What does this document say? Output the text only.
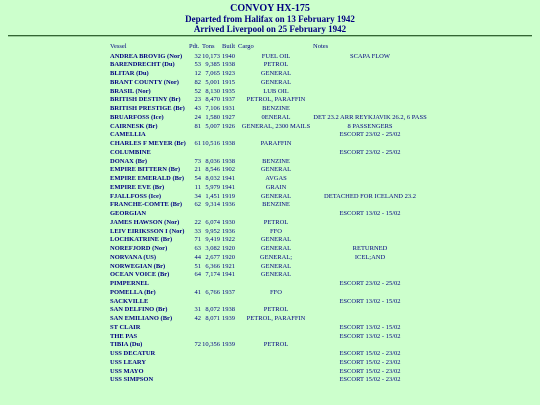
CONVOY HX-175
Departed from Halifax on 13 February 1942
Arrived Liverpool on 25 February 1942
Vessel	Pdt. Tons Built Cargo	Notes
ANDREA BROVIG (Nor)	32 10,173 1940	FUEL OIL	SCAPA FLOW
BARENDRECHT (Du)	53 9,385 1938	PETROL
BLITAR (Du)	12 7,065 1923	GENERAL
BRANT COUNTY (Nor)	82 5,001 1915	GENERAL
BRASIL (Nor)	52 8,130 1935	LUB OIL
BRITISH DESTINY (Br)	23 8,470 1937	PETROL, PARAFFIN
BRITISH PRESTIGE (Br)	43 7,106 1931	BENZINE
BRUARFOSS (Ice)	24 1,580 1927	0ENERAL	DET 23.2 ARR REYKJAVIK 26.2, 6 PASS
CAIRNESK (Br)	81 5,007 1926 GENERAL, 2300 MAILS	8 PASSENGERS
CAMELLIA	ESCORT 23/02 - 25/02
CHARLES F MEYER (Br)	61 10,516 1938	PARAFFIN
COLUMBINE	ESCORT 23/02 - 25/02
DONAX (Br)	73 8,036 1938	BENZINE
EMPIRE BITTERN (Br)	21 8,546 1902	GENERAL
EMPIRE EMERALD (Br)	54 8,032 1941	AVGAS
EMPIRE EVE (Br)	11 5,979 1941	GRAIN
FJALLFOSS (Ice)	34 1,451 1919	GENERAL	DETACHED FOR ICELAND 23.2
FRANCHE-COMTE (Br)	62 9,314 1936	BENZINE
GEORGIAN	ESCORT 13/02 - 15/02
JAMES HAWSON (Nor)	22 6,074 1930	PETROL
LEIV EIRIKSSON I (Nor)	33 9,952 1936	FFO
LOCHKATRINE (Br)	71 9,419 1922	GENERAL
NOREFJORD (Nor)	63 3,082 1920	GENERAL	RETURNED
NORVANA (US)	44 2,677 1920	GENERAL;	ICEL;AND
NORWEGIAN (Br)	51 6,366 1921	GENERAL
OCEAN VOICE (Br)	64 7,174 1941	GENERAL
PIMPERNEL	ESCORT 23/02 - 25/02
POMELLA (Br)	41 6,766 1937	FFO
SACKVILLE	ESCORT 13/02 - 15/02
SAN DELFINO (Br)	31 8,072 1938	PETROL
SAN EMILIANO (Br)	42 8,071 1939	PETROL, PARAFFIN
ST CLAIR	ESCORT 13/02 - 15/02
THE PAS	ESCORT 13/02 - 15/02
TIBIA (Du)	72 10,356 1939	PETROL
USS DECATUR	ESCORT 15/02 - 23/02
USS LEARY	ESCORT 15/02 - 23/02
USS MAYO	ESCORT 15/02 - 23/02
USS SIMPSON	ESCORT 15/02 - 23/02
